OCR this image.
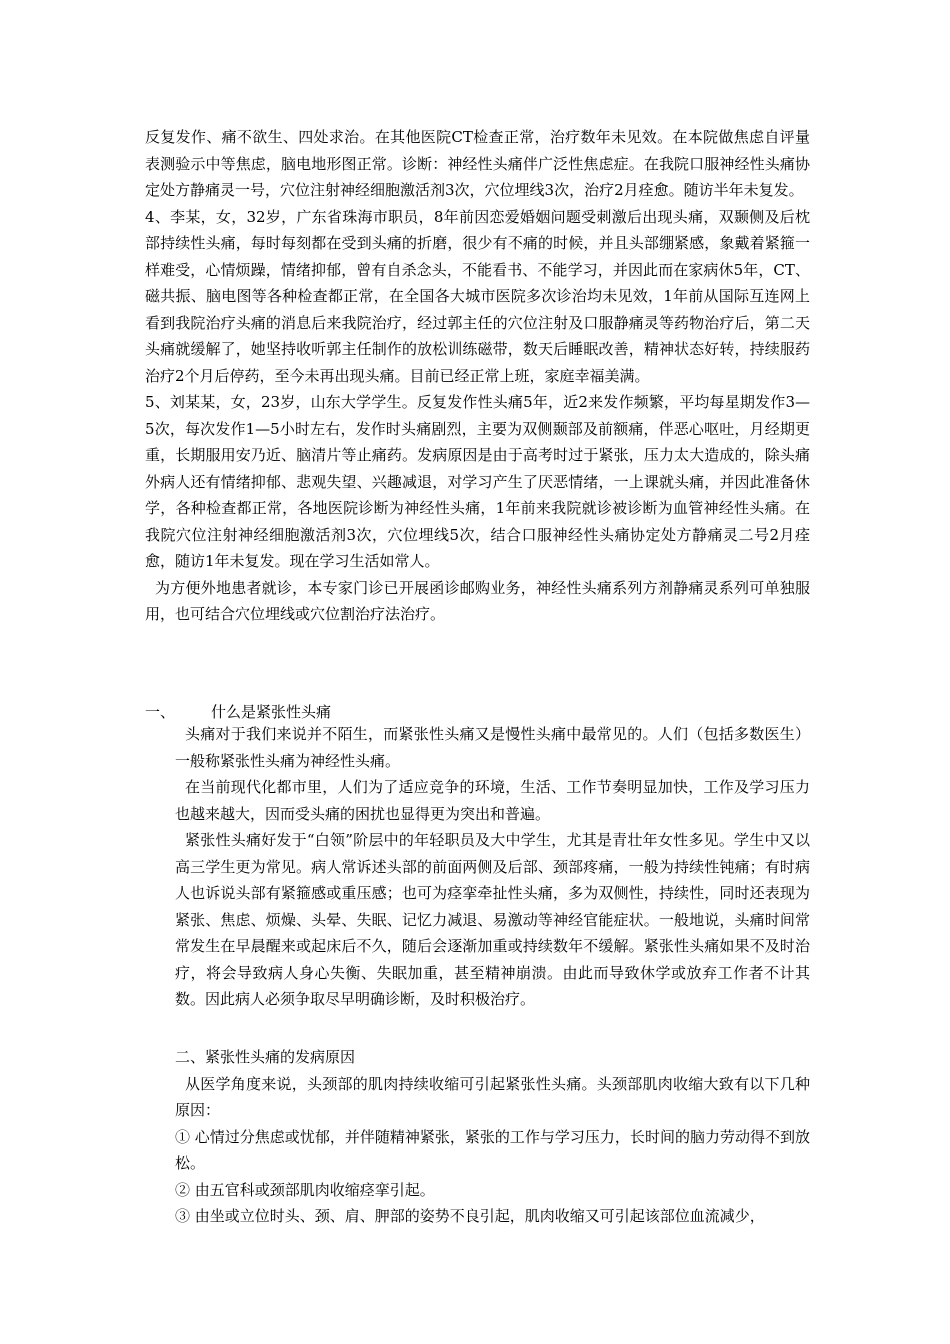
反复发作、痛不欲生、四处求治。在其他医院CT检查正常，治疗数年未见效。在本院做焦虑自评量表测验示中等焦虑，脑电地形图正常。诊断：神经性头痛伴广泛性焦虑症。在我院口服神经性头痛协定处方静痛灵一号，穴位注射神经细胞激活剂3次，穴位埋线3次，治疗2月痊愈。随访半年未复发。

4、李某，女，32岁，广东省珠海市职员，8年前因恋爱婚姻问题受刺激后出现头痛，双颞侧及后枕部持续性头痛，每时每刻都在受到头痛的折磨，很少有不痛的时候，并且头部绷紧感，象戴着紧箍一样难受，心情烦躁，情绪抑郁，曾有自杀念头，不能看书、不能学习，并因此而在家病休5年，CT、磁共振、脑电图等各种检查都正常，在全国各大城市医院多次诊治均未见效，1年前从国际互连网上看到我院治疗头痛的消息后来我院治疗，经过郭主任的穴位注射及口服静痛灵等药物治疗后，第二天头痛就缓解了，她坚持收听郭主任制作的放松训练磁带，数天后睡眠改善，精神状态好转，持续服药治疗2个月后停药，至今未再出现头痛。目前已经正常上班，家庭幸福美满。

5、刘某某，女，23岁，山东大学学生。反复发作性头痛5年，近2来发作频繁，平均每星期发作3—5次，每次发作1—5小时左右，发作时头痛剧烈，主要为双侧颞部及前额痛，伴恶心呕吐，月经期更重，长期服用安乃近、脑清片等止痛药。发病原因是由于高考时过于紧张，压力太大造成的，除头痛外病人还有情绪抑郁、悲观失望、兴趣减退，对学习产生了厌恶情绪，一上课就头痛，并因此准备休学，各种检查都正常，各地医院诊断为神经性头痛，1年前来我院就诊被诊断为血管神经性头痛。在我院穴位注射神经细胞激活剂3次，穴位埋线5次，结合口服神经性头痛协定处方静痛灵二号2月痊愈，随访1年未复发。现在学习生活如常人。

为方便外地患者就诊，本专家门诊已开展函诊邮购业务，神经性头痛系列方剂静痛灵系列可单独服用，也可结合穴位埋线或穴位割治疗法治疗。

一、 什么是紧张性头痛

头痛对于我们来说并不陌生，而紧张性头痛又是慢性头痛中最常见的。人们（包括多数医生）一般称紧张性头痛为神经性头痛。

在当前现代化都市里，人们为了适应竞争的环境，生活、工作节奏明显加快，工作及学习压力也越来越大，因而受头痛的困扰也显得更为突出和普遍。

紧张性头痛好发于“白领”阶层中的年轻职员及大中学生，尤其是青壮年女性多见。学生中又以高三学生更为常见。病人常诉述头部的前面两侧及后部、颈部疼痛，一般为持续性钝痛；有时病人也诉说头部有紧箍感或重压感；也可为痉挛牵扯性头痛，多为双侧性，持续性，同时还表现为紧张、焦虑、烦燥、头晕、失眠、记忆力减退、易激动等神经官能症状。一般地说，头痛时间常常发生在早晨醒来或起床后不久，随后会逐渐加重或持续数年不缓解。紧张性头痛如果不及时治疗，将会导致病人身心失衡、失眠加重，甚至精神崩溃。由此而导致休学或放弃工作者不计其数。因此病人必须争取尽早明确诊断，及时积极治疗。

二、紧张性头痛的发病原因

从医学角度来说，头颈部的肌肉持续收缩可引起紧张性头痛。头颈部肌肉收缩大致有以下几种原因：

① 心情过分焦虑或忧郁，并伴随精神紧张，紧张的工作与学习压力，长时间的脑力劳动得不到放松。

② 由五官科或颈部肌肉收缩痉挛引起。

③ 由坐或立位时头、颈、肩、胛部的姿势不良引起，肌肉收缩又可引起该部位血流减少，
